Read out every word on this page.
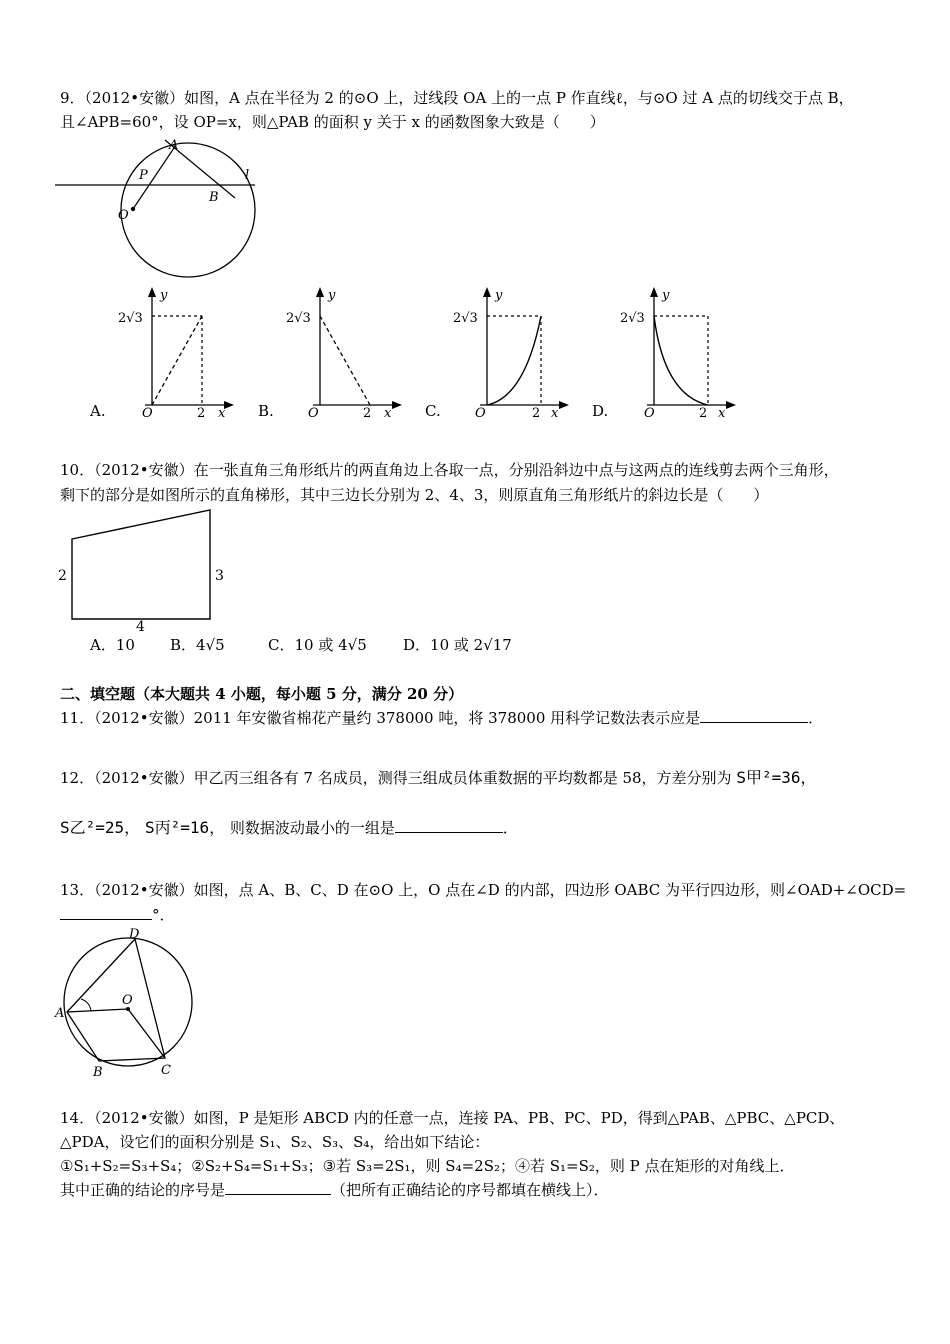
9．（2012•安徽）如图，A 点在半径为 2 的⊙O 上，过线段 OA 上的一点 P 作直线ℓ，与⊙O 过 A 点的切线交于点 B，
且∠APB=60°，设 OP=x，则△PAB 的面积 y 关于 x 的函数图象大致是（　　）
A
P
O
B
l
A.
y
2√3
O	2 x B.
y
2√3
O	2 x C.
y
2√3
O	2 x D.
y
2√3
O	2 x
10．（2012•安徽）在一张直角三角形纸片的两直角边上各取一点，分别沿斜边中点与这两点的连线剪去两个三角形，
剩下的部分是如图所示的直角梯形，其中三边长分别为 2、4、3，则原直角三角形纸片的斜边长是（　　）
2	3
4
A．10 B．4√5	C．10 或 4√5 D．10 或 2√17
二、填空题（本大题共 4 小题，每小题 5 分，满分 20 分）
11．（2012•安徽）2011 年安徽省棉花产量约 378000 吨，将 378000 用科学记数法表示应是	．
12．（2012•安徽）甲乙丙三组各有 7 名成员，测得三组成员体重数据的平均数都是 58，方差分别为 S甲²=36，
S乙²=25， S丙²=16， 则数据波动最小的一组是	．
13．（2012•安徽）如图，点 A、B、C、D 在⊙O 上，O 点在∠D 的内部，四边形 OABC 为平行四边形，则∠OAD+∠OCD=
°．
D
O
A
B	C
14．（2012•安徽）如图，P 是矩形 ABCD 内的任意一点，连接 PA、PB、PC、PD，得到△PAB、△PBC、△PCD、
△PDA，设它们的面积分别是 S₁、S₂、S₃、S₄，给出如下结论：
①S₁+S₂=S₃+S₄；②S₂+S₄=S₁+S₃；③若 S₃=2S₁，则 S₄=2S₂；④若 S₁=S₂，则 P 点在矩形的对角线上．
其中正确的结论的序号是	（把所有正确结论的序号都填在横线上）．
